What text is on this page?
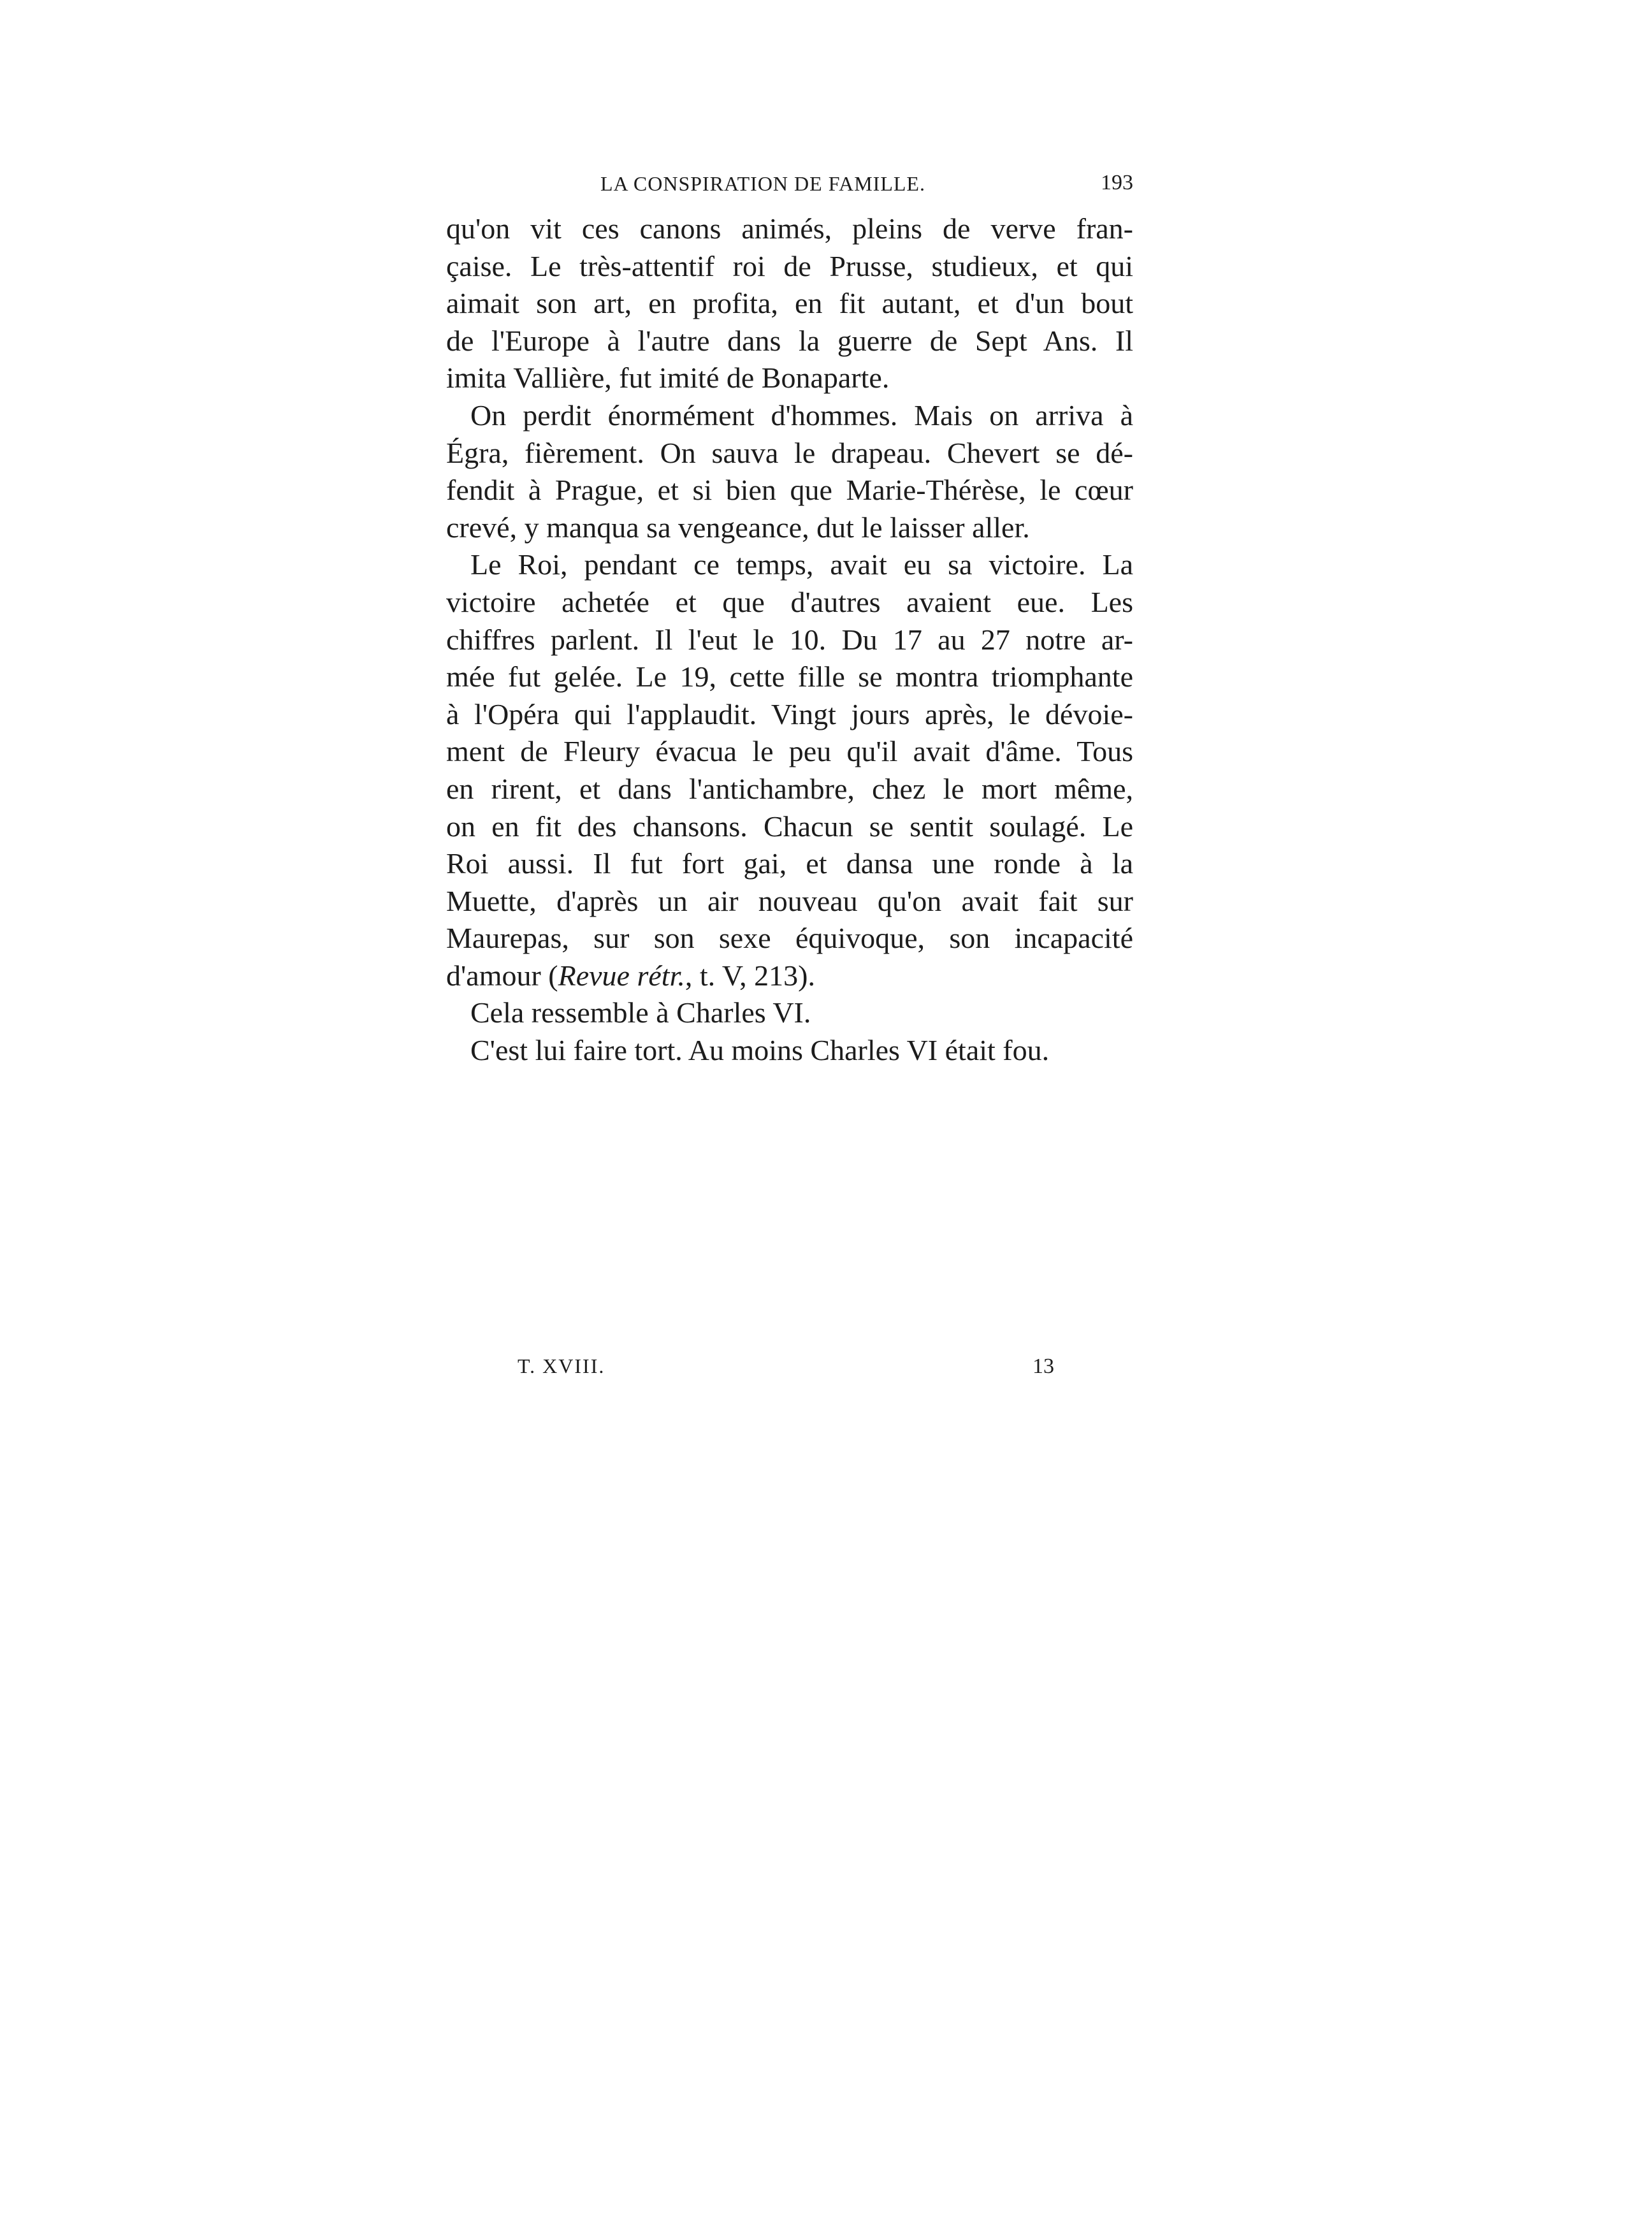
LA CONSPIRATION DE FAMILLE.	193
qu'on vit ces canons animés, pleins de verve fran-
çaise. Le très-attentif roi de Prusse, studieux, et qui
aimait son art, en profita, en fit autant, et d'un bout
de l'Europe à l'autre dans la guerre de Sept Ans. Il
imita Vallière, fut imité de Bonaparte.
On perdit énormément d'hommes. Mais on arriva à
Égra, fièrement. On sauva le drapeau. Chevert se dé-
fendit à Prague, et si bien que Marie-Thérèse, le cœur
crevé, y manqua sa vengeance, dut le laisser aller.
Le Roi, pendant ce temps, avait eu sa victoire. La
victoire achetée et que d'autres avaient eue. Les
chiffres parlent. Il l'eut le 10. Du 17 au 27 notre ar-
mée fut gelée. Le 19, cette fille se montra triomphante
à l'Opéra qui l'applaudit. Vingt jours après, le dévoie-
ment de Fleury évacua le peu qu'il avait d'âme. Tous
en rirent, et dans l'antichambre, chez le mort même,
on en fit des chansons. Chacun se sentit soulagé. Le
Roi aussi. Il fut fort gai, et dansa une ronde à la
Muette, d'après un air nouveau qu'on avait fait sur
Maurepas, sur son sexe équivoque, son incapacité
d'amour (Revue rétr., t. V, 213).
Cela ressemble à Charles VI.
C'est lui faire tort. Au moins Charles VI était fou.
T. XVIII.	13
